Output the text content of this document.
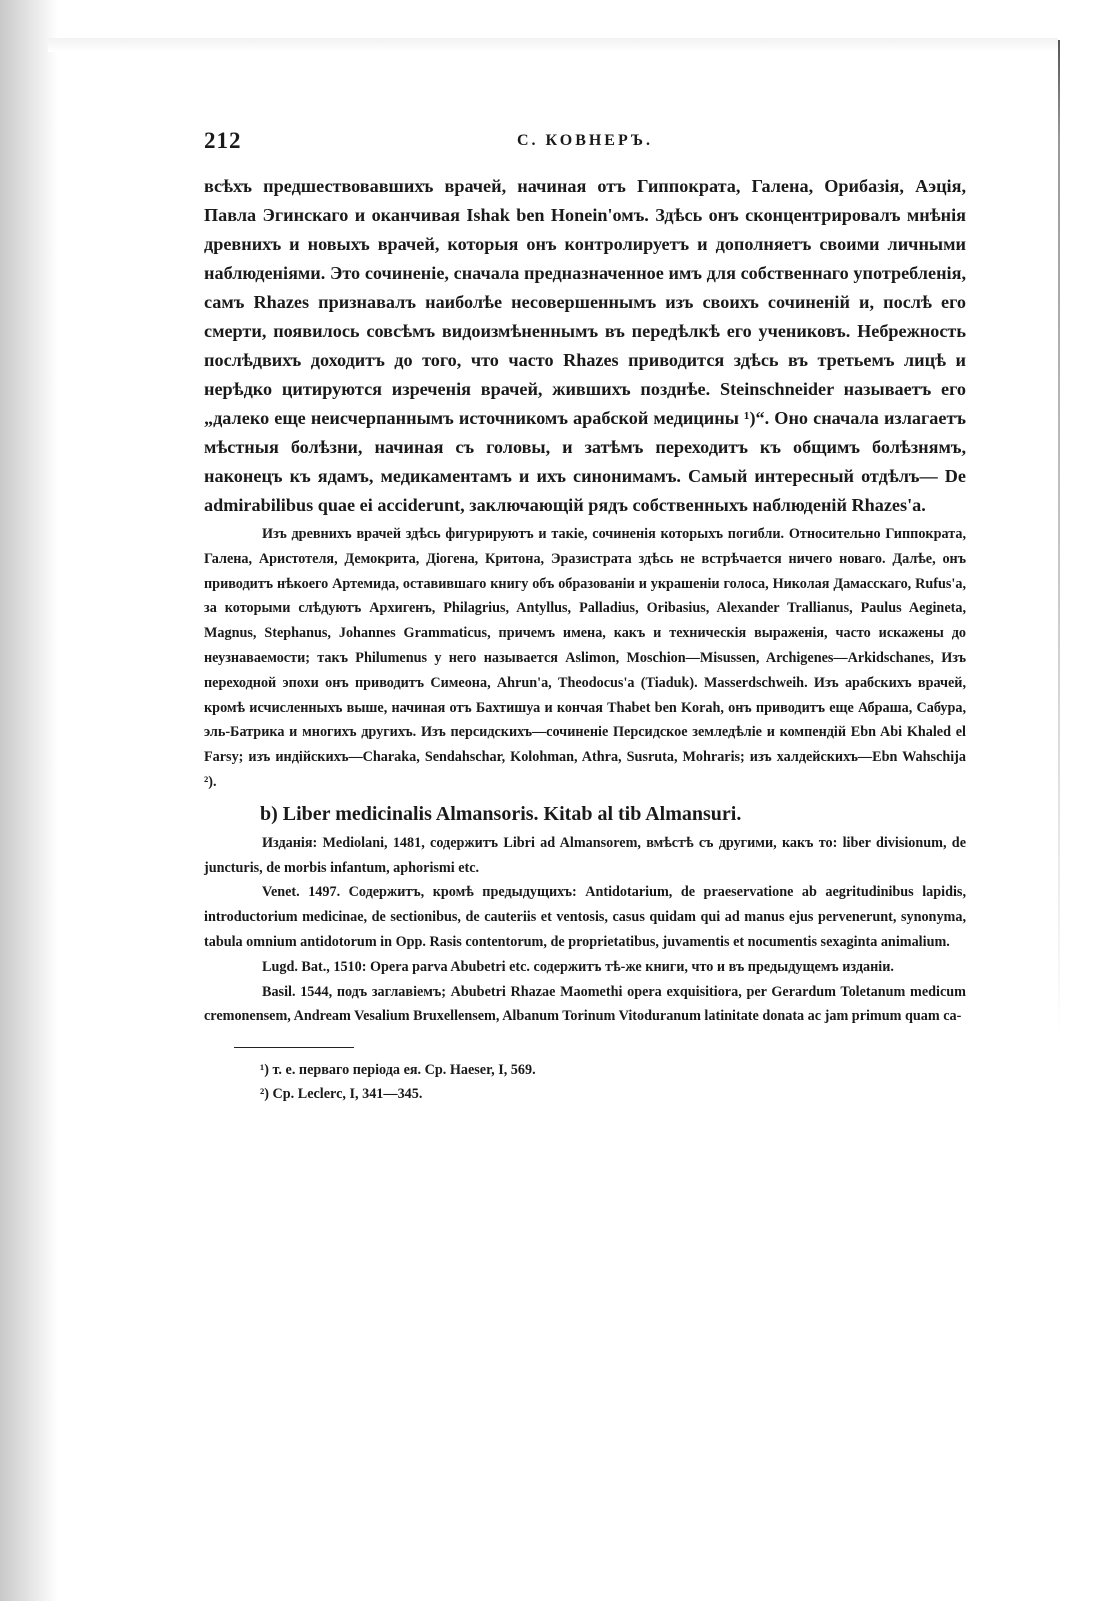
212	С. КОВНЕРЪ.

всѣхъ предшествовавшихъ врачей, начиная отъ Гиппократа, Галена, Орибазія, Аэція, Павла Эгинскаго и оканчивая Ishak ben Honein'омъ. Здѣсь онъ сконцентрировалъ мнѣнія древнихъ и новыхъ врачей, которыя онъ контролируетъ и дополняетъ своими личными наблюденіями. Это сочиненіе, сначала предназначенное имъ для собственнаго употребленія, самъ Rhazes признавалъ наиболѣе несовершеннымъ изъ своихъ сочиненій и, послѣ его смерти, появилось совсѣмъ видоизмѣненнымъ въ передѣлкѣ его учениковъ. Небрежность послѣдвихъ доходитъ до того, что часто Rhazes приводится здѣсь въ третьемъ лицѣ и нерѣдко цитируются изреченія врачей, жившихъ позднѣе. Steinschneider называетъ его „далеко еще неисчерпаннымъ источникомъ арабской медицины ¹)“. Оно сначала излагаетъ мѣстныя болѣзни, начиная съ головы, и затѣмъ переходитъ къ общимъ болѣзнямъ, наконецъ къ ядамъ, медикаментамъ и ихъ синонимамъ. Самый интересный отдѣлъ— De admirabilibus quae ei acciderunt, заключающій рядъ собственныхъ наблюденій Rhazes'а.

Изъ древнихъ врачей здѣсь фигурируютъ и такіе, сочиненія которыхъ погибли. Относительно Гиппократа, Галена, Аристотеля, Демокрита, Діогена, Критона, Эразистрата здѣсь не встрѣчается ничего новаго. Далѣе, онъ приводитъ нѣкоего Артемида, оставившаго книгу объ образованіи и украшеніи голоса, Николая Дамасскаго, Rufus'а, за которыми слѣдуютъ Архигенъ, Philagrius, Antyllus, Palladius, Oribasius, Alexander Trallianus, Paulus Aegineta, Magnus, Stephanus, Johannes Grammaticus, причемъ имена, какъ и техническія выраженія, часто искажены до неузнаваемости; такъ Philumenus у него называется Aslimon, Moschion—Misussen, Archigenes—Arkidschanes, Изъ переходной эпохи онъ приводитъ Симеона, Ahrun'а, Theodocus'а (Tiaduk). Masserdschweih. Изъ арабскихъ врачей, кромѣ исчисленныхъ выше, начиная отъ Бахтишуа и кончая Thabet ben Korah, онъ приводитъ еще Абраша, Сабура, эль-Батрика и многихъ другихъ. Изъ персидскихъ—сочиненіе Персидское земледѣліе и компендій Ebn Abi Khaled el Farsy; изъ индійскихъ—Charaka, Sendahschar, Kolohman, Athra, Susruta, Mohraris; изъ халдейскихъ—Ebn Wahschija ²).

b) Liber medicinalis Almansoris. Kitab al tib Almansuri.

Изданія: Mediolani, 1481, содержитъ Libri ad Almansorem, вмѣстѣ съ другими, какъ то: liber divisionum, de juncturis, de morbis infantum, aphorismi etc.

Venet. 1497. Содержитъ, кромѣ предыдущихъ: Antidotarium, de praeservatione ab aegritudinibus lapidis, introductorium medicinae, de sectionibus, de cauteriis et ventosis, casus quidam qui ad manus ejus pervenerunt, synonyma, tabula omnium antidotorum in Opp. Rasis contentorum, de proprietatibus, juvamentis et nocumentis sexaginta animalium.

Lugd. Bat., 1510: Opera parva Abubetri etc. содержитъ тѣ-же книги, что и въ предыдущемъ изданіи.

Basil. 1544, подъ заглавіемъ; Abubetri Rhazae Maomethi opera exquisitiora, per Gerardum Toletanum medicum cremonensem, Andream Vesalium Bruxellensem, Albanum Torinum Vitoduranum latinitate donata ac jam primum quam ca-

¹) т. е. перваго періода ея. Ср. Haeser, I, 569.

²) Ср. Leclerc, I, 341—345.
